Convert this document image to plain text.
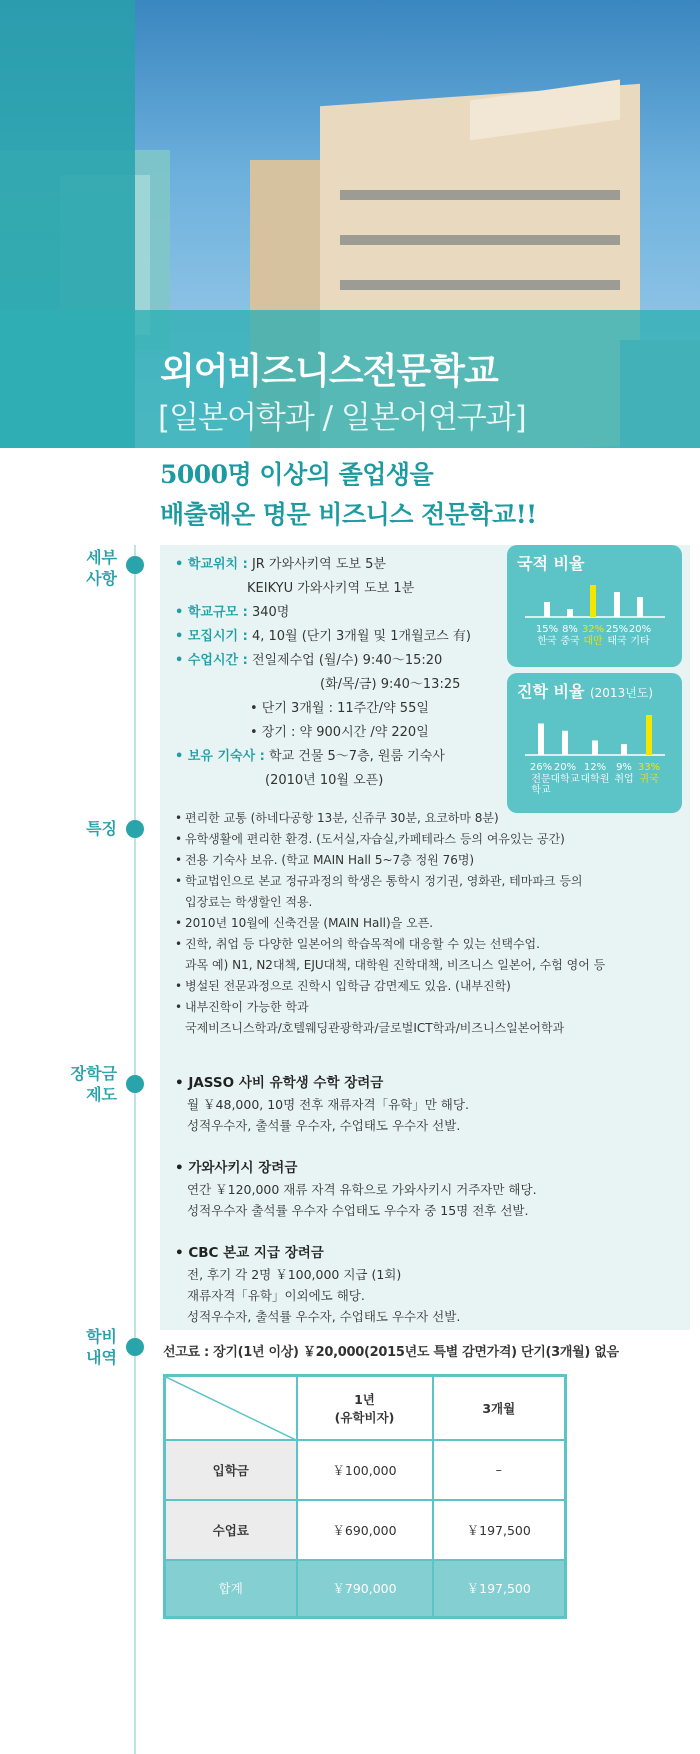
외어비즈니스전문학교
[일본어학과 / 일본어연구과]
5000명 이상의 졸업생을
배출해온 명문 비즈니스 전문학교!!
세부
사항
특징
장학금
제도
학비
내역
• 학교위치 : JR 가와사키역 도보 5분
KEIKYU 가와사키역 도보 1분
• 학교규모 : 340명
• 모집시기 : 4, 10월 (단기 3개월 및 1개월코스 有)
• 수업시간 : 전일제수업 (월/수) 9:40～15:20
(화/목/금) 9:40～13:25
• 단기 3개월 : 11주간/약 55일
• 장기 : 약 900시간 /약 220일
• 보유 기숙사 : 학교 건물 5～7층, 원룸 기숙사
(2010년 10월 오픈)
국적 비율
15%
한국
8%
중국
32%
대만
25%
태국
20%
기타
진학 비율 (2013년도)
26%
전문
학교
20%
대학교
12%
대학원
9%
취업
33%
귀국
• 편리한 교통 (하네다공항 13분, 신쥬쿠 30분, 요코하마 8분)
• 유학생활에 편리한 환경. (도서실,자습실,카페테라스 등의 여유있는 공간)
• 전용 기숙사 보유. (학교 MAIN Hall 5~7층 정원 76명)
• 학교법인으로 본교 정규과정의 학생은 통학시 정기권, 영화관, 테마파크 등의
입장료는 학생할인 적용.
• 2010년 10월에 신축건물 (MAIN Hall)을 오픈.
• 진학, 취업 등 다양한 일본어의 학습목적에 대응할 수 있는 선택수업.
과목 예) N1, N2대책, EJU대책, 대학원 진학대책, 비즈니스 일본어, 수험 영어 등
• 병설된 전문과정으로 진학시 입학금 감면제도 있음. (내부진학)
• 내부진학이 가능한 학과
국제비즈니스학과/호텔웨딩관광학과/글로벌ICT학과/비즈니스일본어학과
• JASSO 사비 유학생 수학 장려금
월 ￥48,000, 10명 전후 재류자격「유학」만 해당.
성적우수자, 출석률 우수자, 수업태도 우수자 선발.
• 가와사키시 장려금
연간 ￥120,000 재류 자격 유학으로 가와사키시 거주자만 해당.
성적우수자 출석률 우수자 수업태도 우수자 중 15명 전후 선발.
• CBC 본교 지급 장려금
전, 후기 각 2명 ￥100,000 지급 (1회)
재류자격「유학」이외에도 해당.
성적우수자, 출석률 우수자, 수업태도 우수자 선발.
선고료 : 장기(1년 이상) ￥20,000(2015년도 특별 감면가격) 단기(3개월) 없음

1년
(유학비자)	3개월
입학금	￥100,000	–
수업료	￥690,000	￥197,500
합계	￥790,000	￥197,500
